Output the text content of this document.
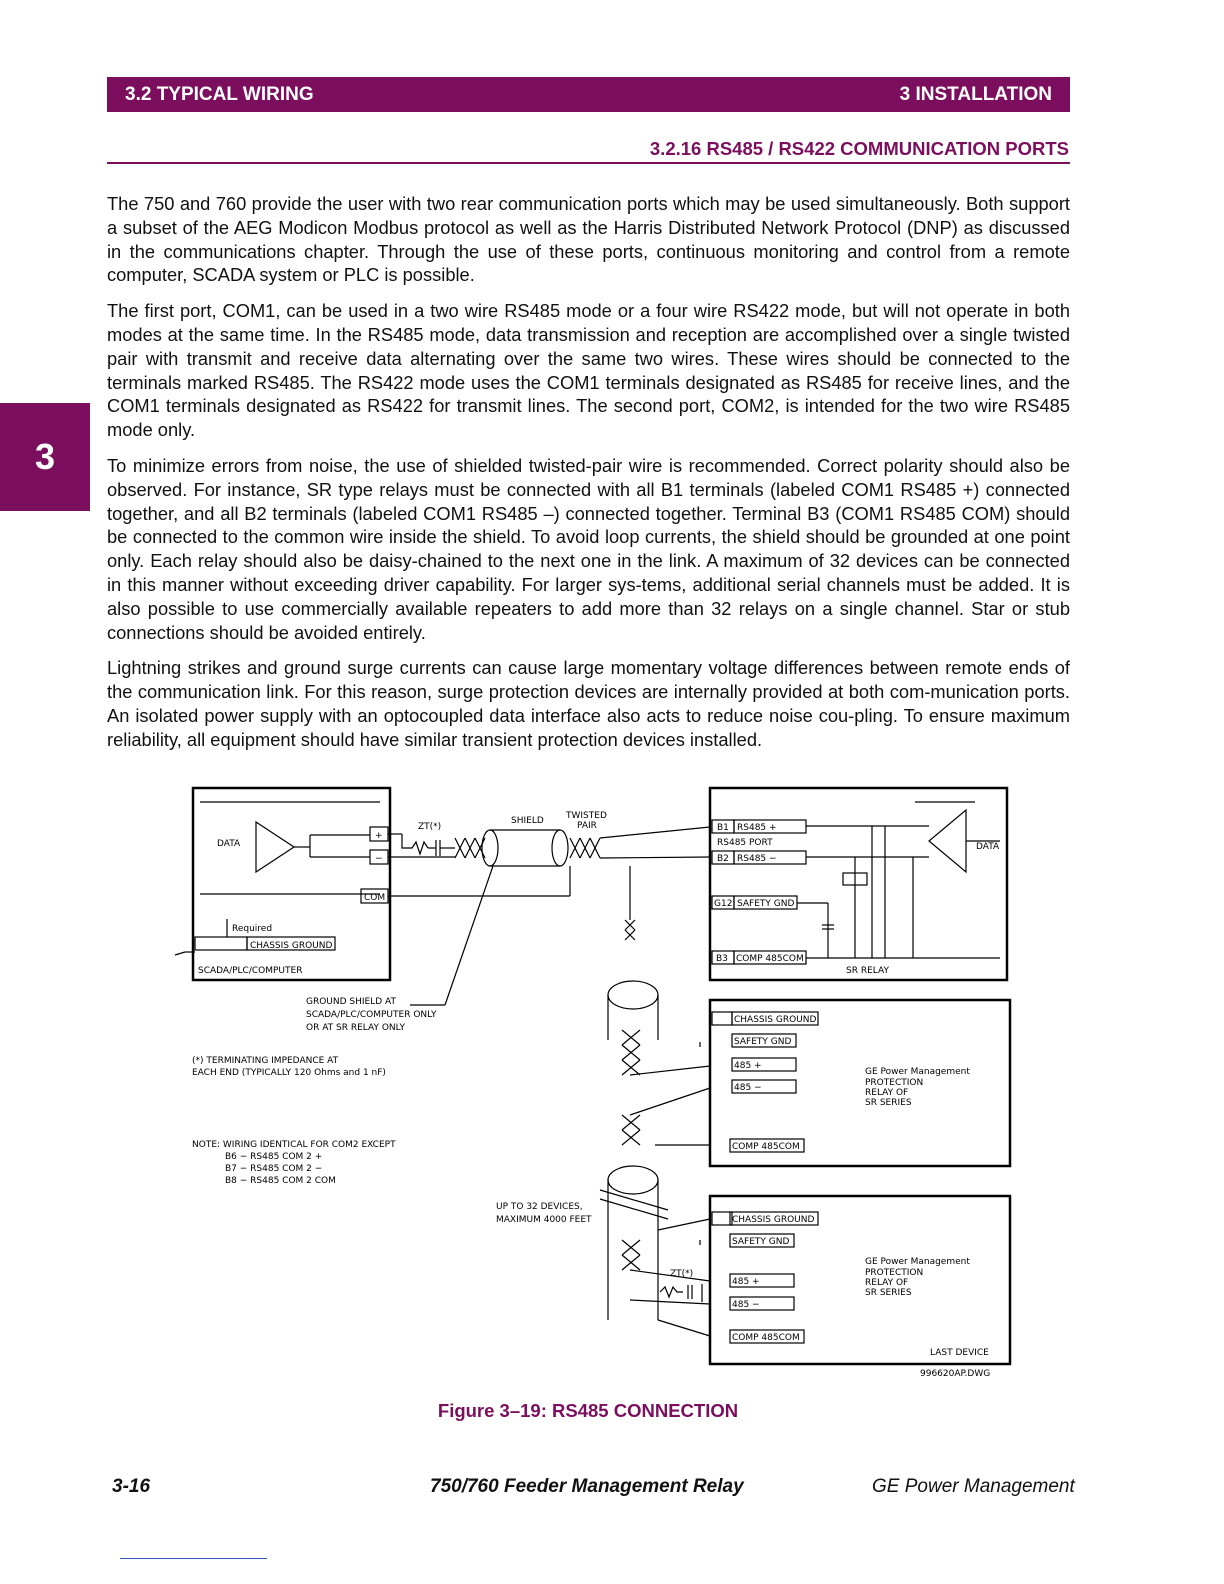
3.2 TYPICAL WIRING	3 INSTALLATION
3.2.16 RS485 / RS422 COMMUNICATION PORTS
3

The 750 and 760 provide the user with two rear communication ports which may be used simultaneously. Both support a subset of the AEG Modicon Modbus protocol as well as the Harris Distributed Network Protocol (DNP) as discussed in the communications chapter. Through the use of these ports, continuous monitoring and control from a remote computer, SCADA system or PLC is possible.

The first port, COM1, can be used in a two wire RS485 mode or a four wire RS422 mode, but will not operate in both modes at the same time. In the RS485 mode, data transmission and reception are accomplished over a single twisted pair with transmit and receive data alternating over the same two wires. These wires should be connected to the terminals marked RS485. The RS422 mode uses the COM1 terminals designated as RS485 for receive lines, and the COM1 terminals designated as RS422 for transmit lines. The second port, COM2, is intended for the two wire RS485 mode only.

To minimize errors from noise, the use of shielded twisted-pair wire is recommended. Correct polarity should also be observed. For instance, SR type relays must be connected with all B1 terminals (labeled COM1 RS485 +) connected together, and all B2 terminals (labeled COM1 RS485 –) connected together. Terminal B3 (COM1 RS485 COM) should be connected to the common wire inside the shield. To avoid loop currents, the shield should be grounded at one point only. Each relay should also be daisy-chained to the next one in the link. A maximum of 32 devices can be connected in this manner without exceeding driver capability. For larger sys-tems, additional serial channels must be added. It is also possible to use commercially available repeaters to add more than 32 relays on a single channel. Star or stub connections should be avoided entirely.

Lightning strikes and ground surge currents can cause large momentary voltage differences between remote ends of the communication link. For this reason, surge protection devices are internally provided at both com-munication ports. An isolated power supply with an optocoupled data interface also acts to reduce noise cou-pling. To ensure maximum reliability, all equipment should have similar transient protection devices installed.

DATA
+
−
COM
Required
CHASSIS GROUND
SCADA/PLC/COMPUTER
ZT(*)
SHIELD TWISTED
PAIR	B1 RS485 +
RS485 PORT
B2 RS485 −
G12 SAFETY GND
B3 COMP 485COM
DATA
SR RELAY
CHASSIS GROUND
SAFETY GND
485 +
485 −
COMP 485COM
GE Power Management
PROTECTION
RELAY OF
SR SERIES
CHASSIS GROUND
SAFETY GND
485 +
485 −
COMP 485COM
GE Power Management
PROTECTION
RELAY OF
SR SERIES
LAST DEVICE
ZT(*)
GROUND SHIELD AT
SCADA/PLC/COMPUTER ONLY
OR AT SR RELAY ONLY
(*) TERMINATING IMPEDANCE AT
EACH END (TYPICALLY 120 Ohms and 1 nF)
NOTE: WIRING IDENTICAL FOR COM2 EXCEPT
B6 − RS485 COM 2 +
B7 − RS485 COM 2 −
B8 − RS485 COM 2 COM
UP TO 32 DEVICES,
MAXIMUM 4000 FEET
996620AP.DWG
Figure 3–19: RS485 CONNECTION
3-16	750/760 Feeder Management Relay	GE Power Management
